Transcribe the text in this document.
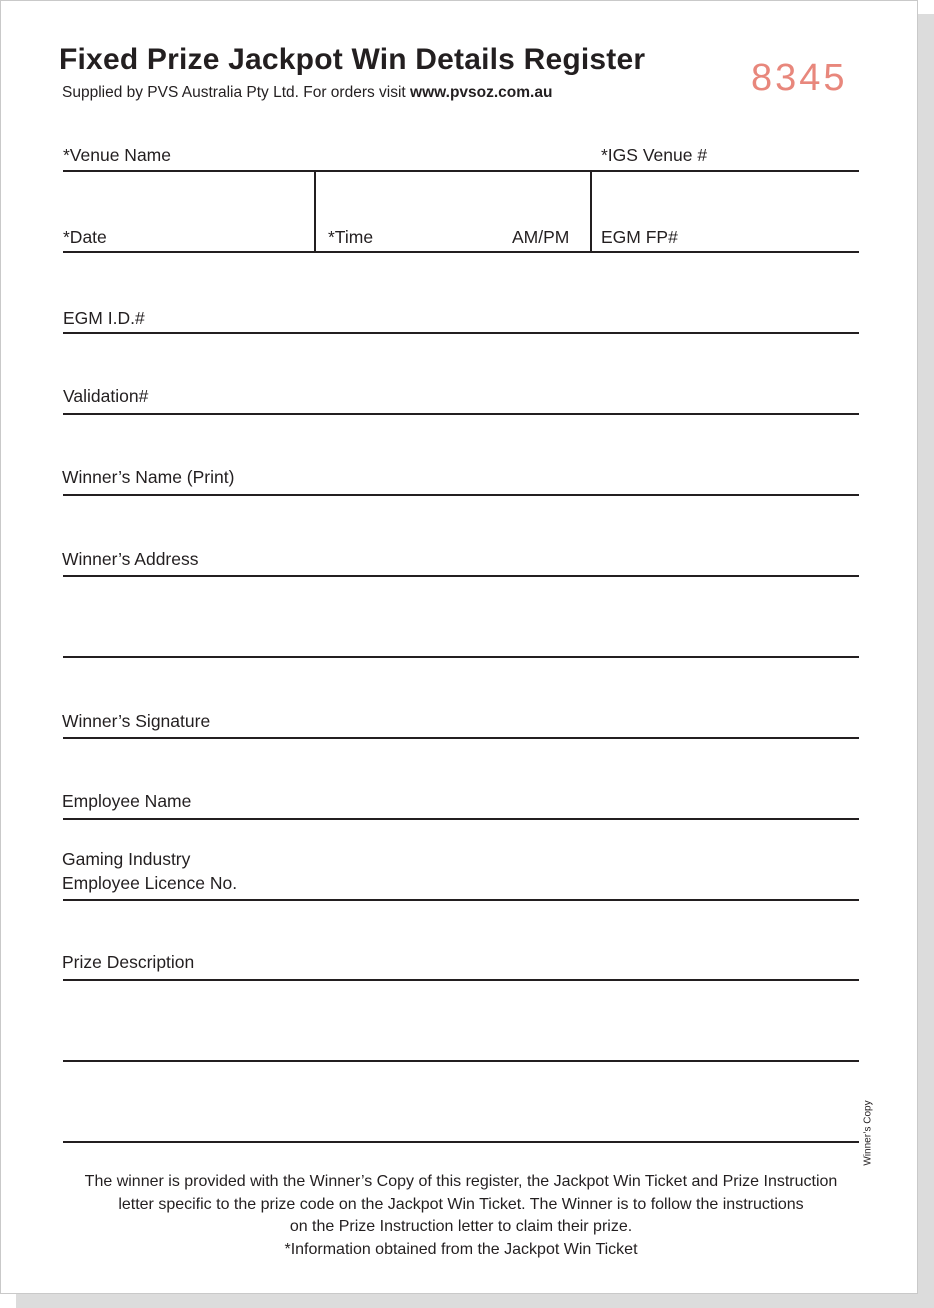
Fixed Prize Jackpot Win Details Register
Supplied by PVS Australia Pty Ltd. For orders visit www.pvsoz.com.au	8345
*Venue Name	*IGS Venue #
*Date	*Time	AM/PM EGM FP#
EGM I.D.#
Validation#
Winner’s Name (Print)
Winner’s Address
Winner’s Signature
Employee Name
Gaming Industry
Employee Licence No.
Prize Description
Winner’s Copy
The winner is provided with the Winner’s Copy of this register, the Jackpot Win Ticket and Prize Instruction
letter specific to the prize code on the Jackpot Win Ticket. The Winner is to follow the instructions
on the Prize Instruction letter to claim their prize.
*Information obtained from the Jackpot Win Ticket
